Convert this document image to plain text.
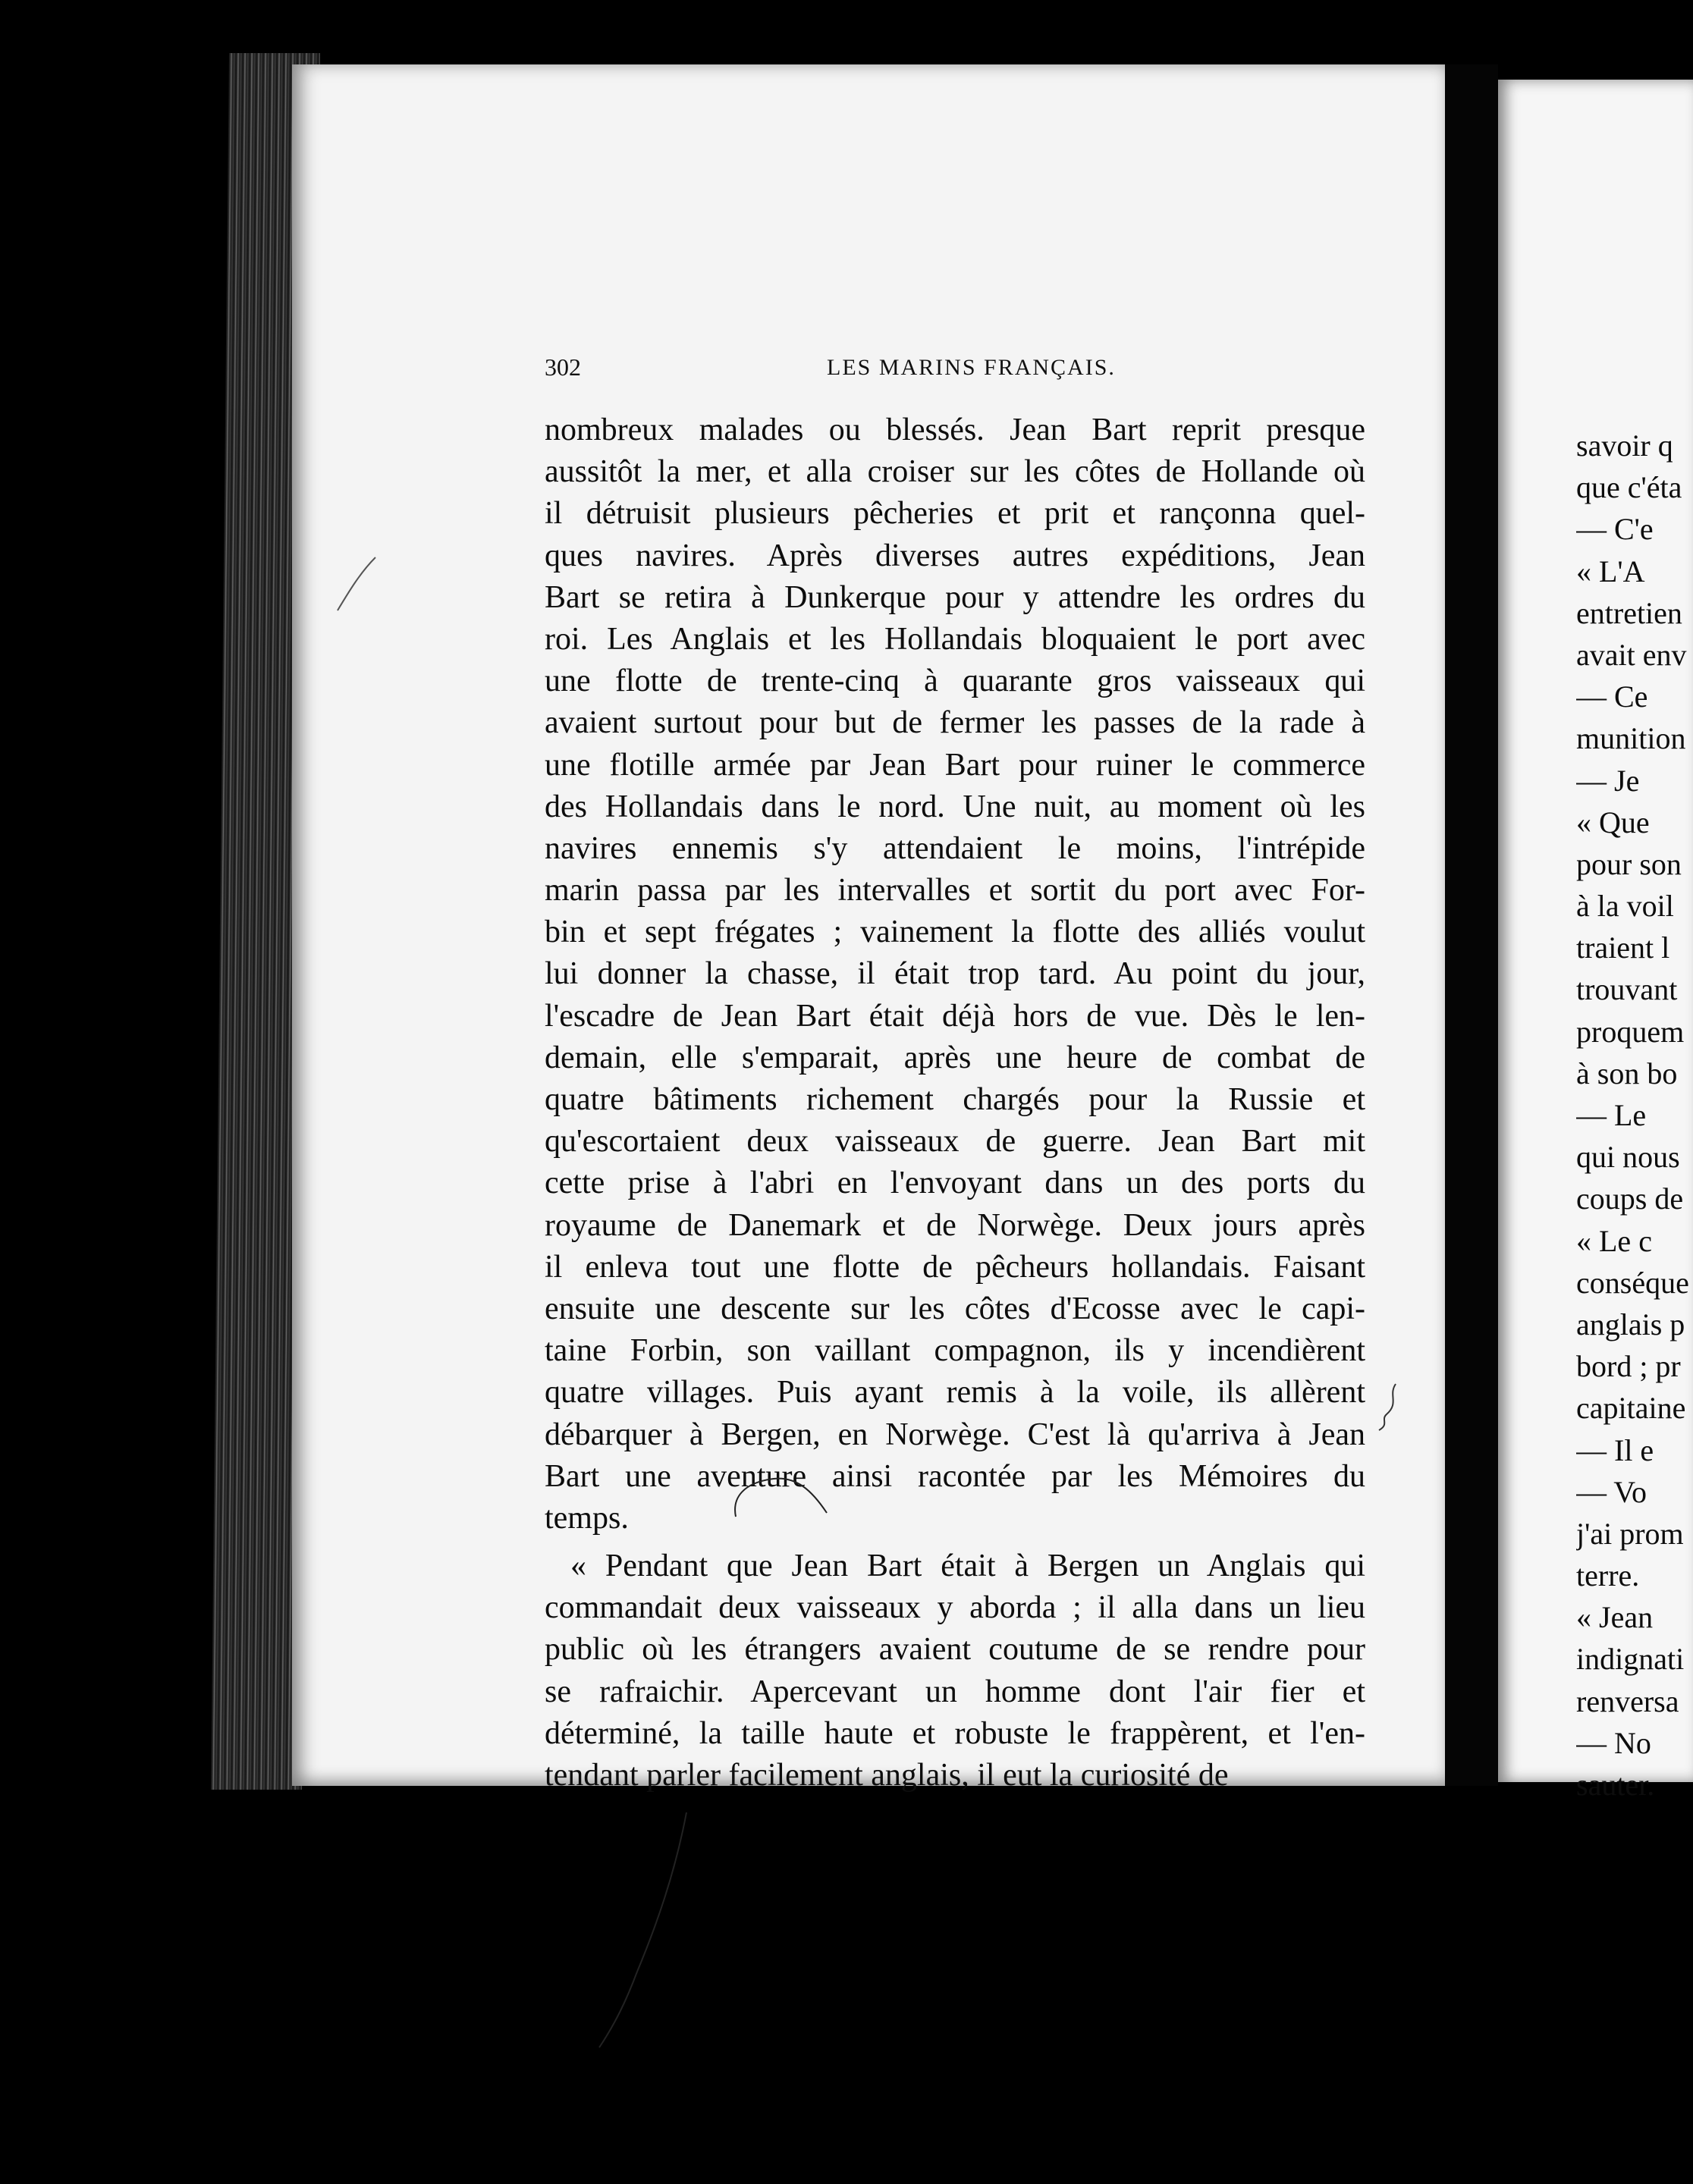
302	LES MARINS FRANÇAIS.
nombreux malades ou blessés. Jean Bart reprit presque
aussitôt la mer, et alla croiser sur les côtes de Hollande où
il détruisit plusieurs pêcheries et prit et rançonna quel-
ques navires. Après diverses autres expéditions, Jean
Bart se retira à Dunkerque pour y attendre les ordres du
roi. Les Anglais et les Hollandais bloquaient le port avec
une flotte de trente-cinq à quarante gros vaisseaux qui
avaient surtout pour but de fermer les passes de la rade à
une flotille armée par Jean Bart pour ruiner le commerce
des Hollandais dans le nord. Une nuit, au moment où les
navires ennemis s'y attendaient le moins, l'intrépide
marin passa par les intervalles et sortit du port avec For-
bin et sept frégates ; vainement la flotte des alliés voulut
lui donner la chasse, il était trop tard. Au point du jour,
l'escadre de Jean Bart était déjà hors de vue. Dès le len-
demain, elle s'emparait, après une heure de combat de
quatre bâtiments richement chargés pour la Russie et
qu'escortaient deux vaisseaux de guerre. Jean Bart mit
cette prise à l'abri en l'envoyant dans un des ports du
royaume de Danemark et de Norwège. Deux jours après
il enleva tout une flotte de pêcheurs hollandais. Faisant
ensuite une descente sur les côtes d'Ecosse avec le capi-
taine Forbin, son vaillant compagnon, ils y incendièrent
quatre villages. Puis ayant remis à la voile, ils allèrent
débarquer à Bergen, en Norwège. C'est là qu'arriva à Jean
Bart une aventure ainsi racontée par les Mémoires du
temps.
« Pendant que Jean Bart était à Bergen un Anglais qui
commandait deux vaisseaux y aborda ; il alla dans un lieu
public où les étrangers avaient coutume de se rendre pour
se rafraichir. Apercevant un homme dont l'air fier et
déterminé, la taille haute et robuste le frappèrent, et l'en-
tendant parler facilement anglais, il eut la curiosité de
savoir q
que c'éta
— C'e
« L'A
entretien
avait env
— Ce
munition
— Je
« Que
pour son
à la voil
traient l
trouvant
proquem
à son bo
— Le
qui nous
coups de
« Le c
conséque
anglais p
bord ; pr
capitaine
— Il e
— Vo
j'ai prom
terre.
« Jean
indignati
renversa
— No
sauter.
